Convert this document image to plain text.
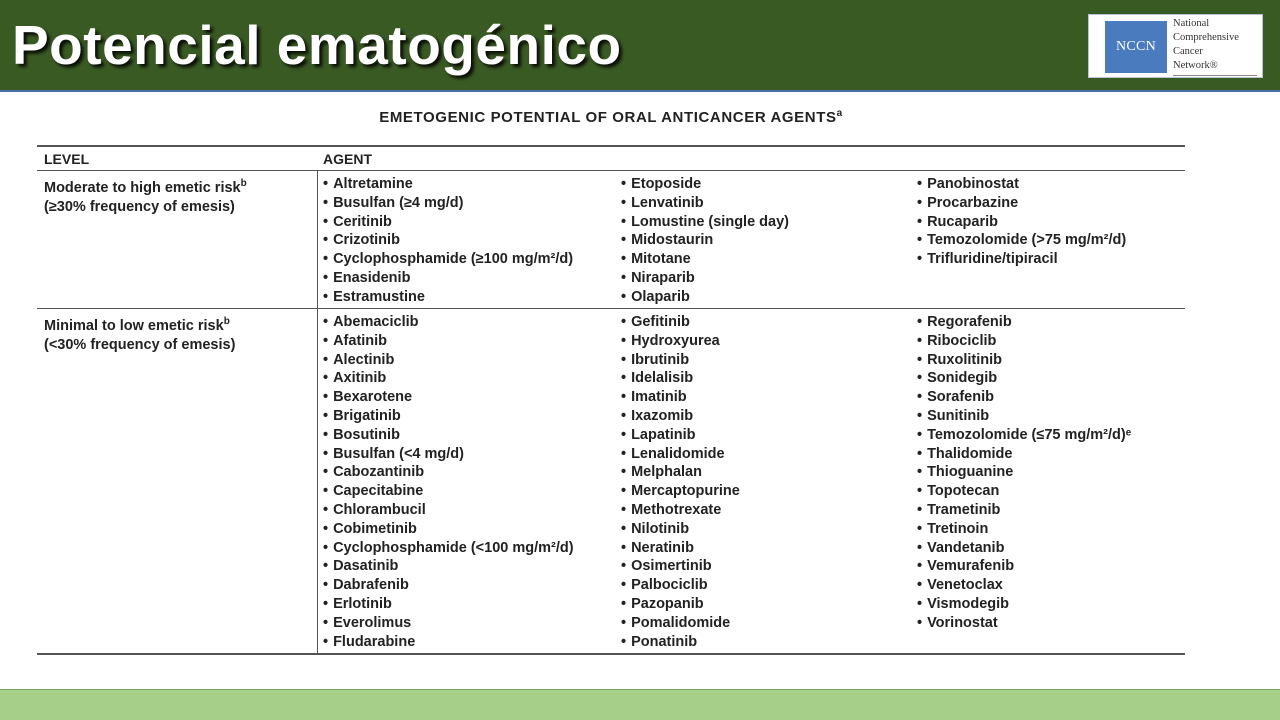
Potencial ematogénico	NCCN
National
Comprehensive
Cancer
Network®
EMETOGENIC POTENTIAL OF ORAL ANTICANCER AGENTS$^a$
LEVEL	AGENT
Moderate to high emetic risk$^b$
(≥30% frequency of emesis)
• Altretamine
• Busulfan (≥4 mg/d)
• Ceritinib
• Crizotinib
• Cyclophosphamide (≥100 mg/m²/d)
• Enasidenib
• Estramustine
• Etoposide
• Lenvatinib
• Lomustine (single day)
• Midostaurin
• Mitotane
• Niraparib
• Olaparib
• Panobinostat
• Procarbazine
• Rucaparib
• Temozolomide (>75 mg/m²/d)
• Trifluridine/tipiracil
Minimal to low emetic risk$^b$
(<30% frequency of emesis)
• Abemaciclib
• Afatinib
• Alectinib
• Axitinib
• Bexarotene
• Brigatinib
• Bosutinib
• Busulfan (<4 mg/d)
• Cabozantinib
• Capecitabine
• Chlorambucil
• Cobimetinib
• Cyclophosphamide (<100 mg/m²/d)
• Dasatinib
• Dabrafenib
• Erlotinib
• Everolimus
• Fludarabine
• Gefitinib
• Hydroxyurea
• Ibrutinib
• Idelalisib
• Imatinib
• Ixazomib
• Lapatinib
• Lenalidomide
• Melphalan
• Mercaptopurine
• Methotrexate
• Nilotinib
• Neratinib
• Osimertinib
• Palbociclib
• Pazopanib
• Pomalidomide
• Ponatinib
• Regorafenib
• Ribociclib
• Ruxolitinib
• Sonidegib
• Sorafenib
• Sunitinib
• Temozolomide (≤75 mg/m²/d)ᵉ
• Thalidomide
• Thioguanine
• Topotecan
• Trametinib
• Tretinoin
• Vandetanib
• Vemurafenib
• Venetoclax
• Vismodegib
• Vorinostat
